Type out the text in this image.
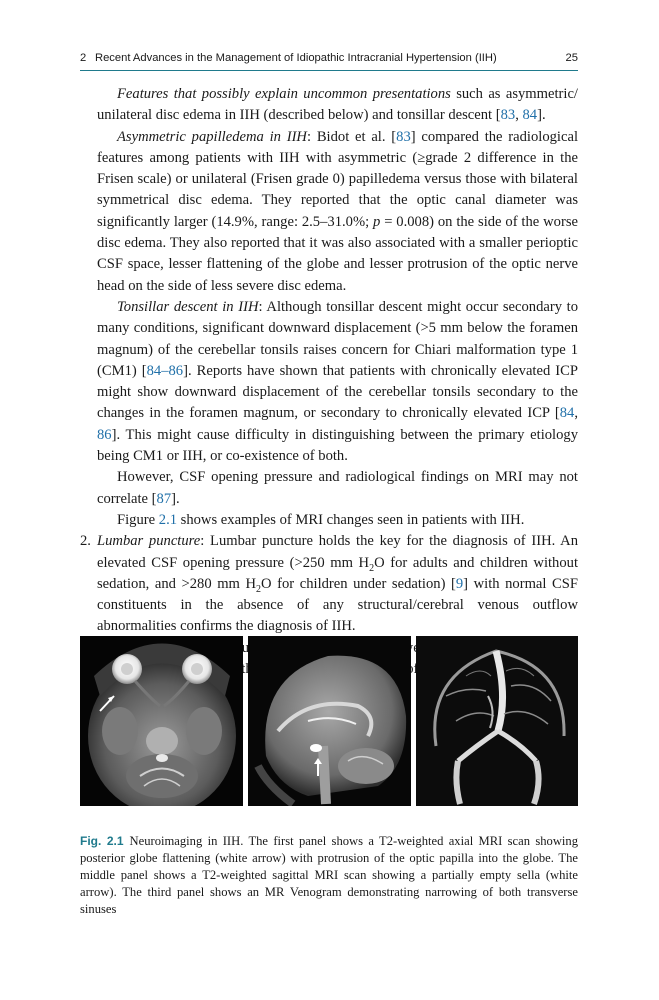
2 Recent Advances in the Management of Idiopathic Intracranial Hypertension (IIH)	25

Features that possibly explain uncommon presentations such as asymmetric/ unilateral disc edema in IIH (described below) and tonsillar descent [83, 84].

Asymmetric papilledema in IIH: Bidot et al. [83] compared the radiological features among patients with IIH with asymmetric (≥grade 2 difference in the Frisen scale) or unilateral (Frisen grade 0) papilledema versus those with bilateral symmetrical disc edema. They reported that the optic canal diameter was significantly larger (14.9%, range: 2.5–31.0%; p = 0.008) on the side of the worse disc edema. They also reported that it was also associated with a smaller perioptic CSF space, lesser flattening of the globe and lesser protrusion of the optic nerve head on the side of less severe disc edema.

Tonsillar descent in IIH: Although tonsillar descent might occur secondary to many conditions, significant downward displacement (>5 mm below the foramen magnum) of the cerebellar tonsils raises concern for Chiari malformation type 1 (CM1) [84–86]. Reports have shown that patients with chronically elevated ICP might show downward displacement of the cerebellar tonsils secondary to the changes in the foramen magnum, or secondary to chronically elevated ICP [84, 86]. This might cause difficulty in distinguishing between the primary etiology being CM1 or IIH, or co-existence of both.

However, CSF opening pressure and radiological findings on MRI may not correlate [87].

Figure 2.1 shows examples of MRI changes seen in patients with IIH.

2. Lumbar puncture: Lumbar puncture holds the key for the diagnosis of IIH. An elevated CSF opening pressure (>250 mm $H_2O$ for adults and children without sedation, and >280 mm $H_2O$ for children under sedation) [9] with normal CSF constituents in the absence of any structural/cerebral venous outflow abnormalities confirms the diagnosis of IIH.

of

Fig. 2.1 Neuroimaging in IIH. The first panel shows a T2-weighted axial MRI scan showing posterior globe flattening (white arrow) with protrusion of the optic papilla into the globe. The middle panel shows a T2-weighted sagittal MRI scan showing a partially empty sella (white arrow). The third panel shows an MR Venogram demonstrating narrowing of both transverse sinuses
